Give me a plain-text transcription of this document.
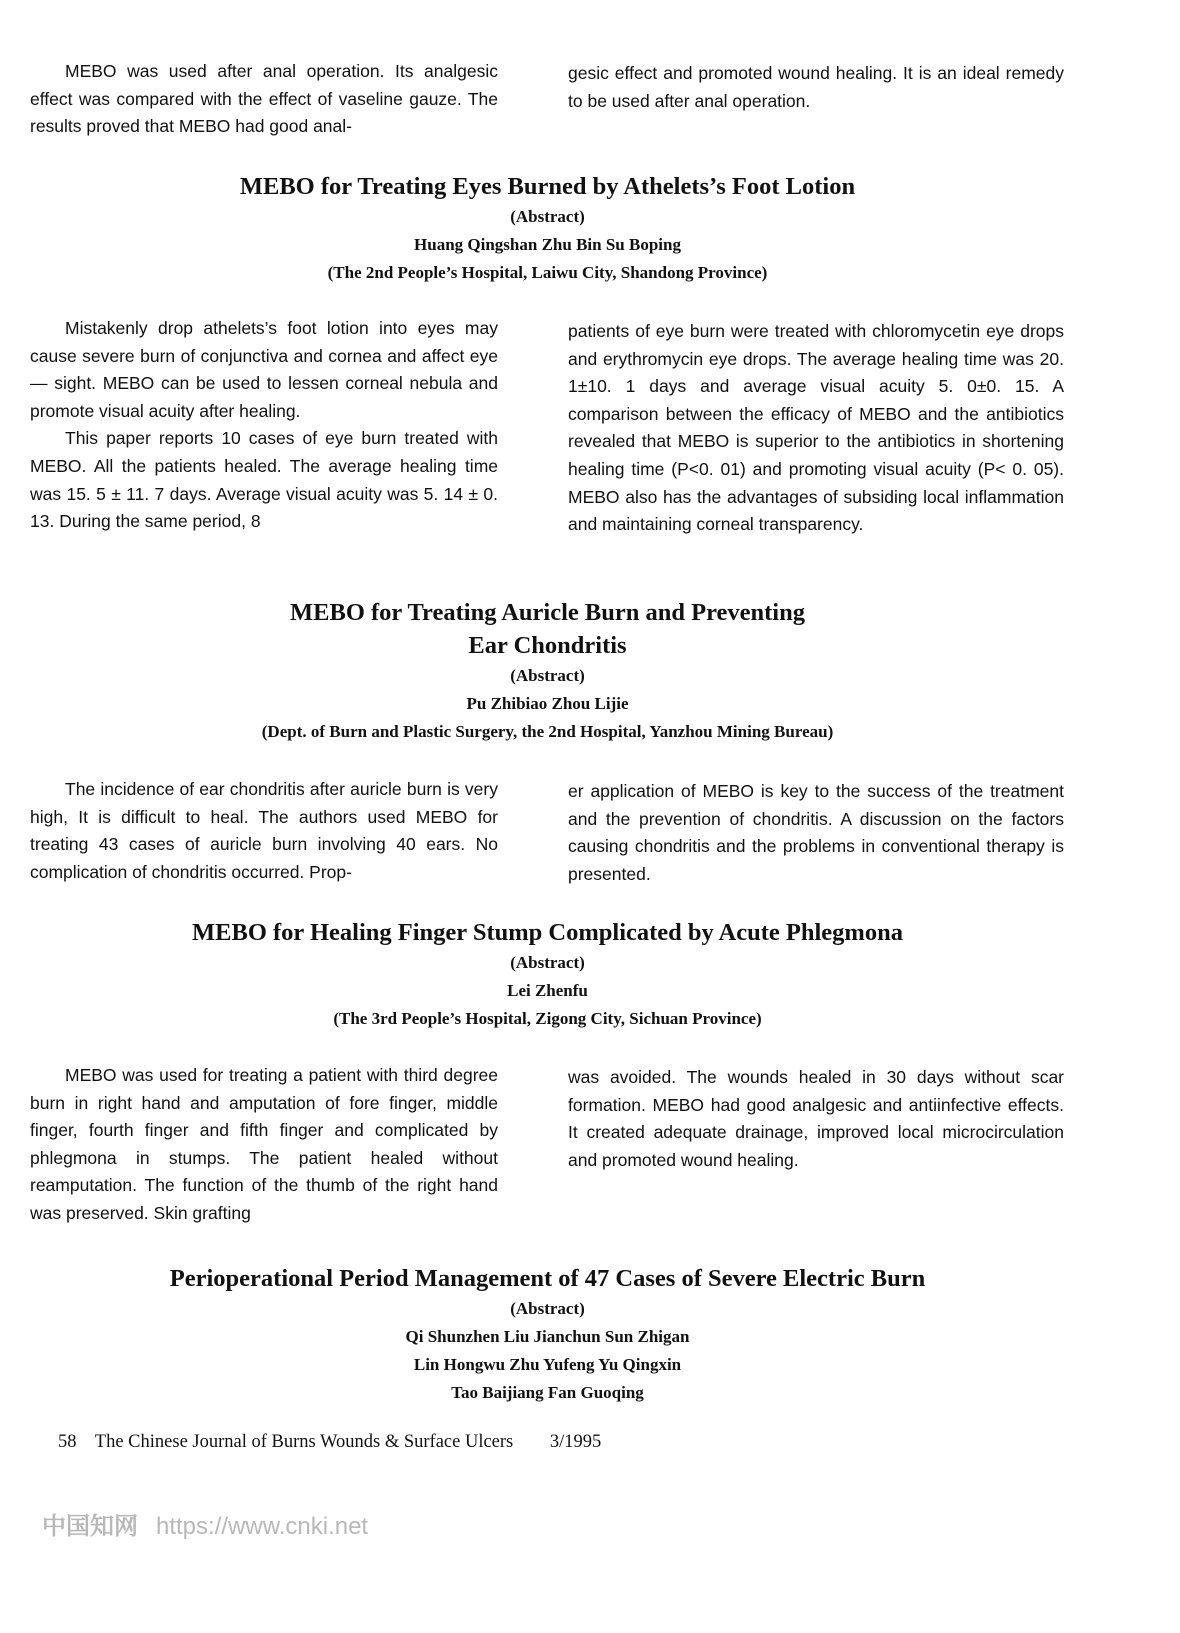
MEBO was used after anal operation. Its analgesic effect was compared with the effect of vaseline gauze. The results proved that MEBO had good anal-

gesic effect and promoted wound healing. It is an ideal remedy to be used after anal operation.

MEBO for Treating Eyes Burned by Athelets’s Foot Lotion
(Abstract)
Huang Qingshan Zhu Bin Su Boping
(The 2nd People’s Hospital, Laiwu City, Shandong Province)

Mistakenly drop athelets’s foot lotion into eyes may cause severe burn of conjunctiva and cornea and affect eye — sight. MEBO can be used to lessen corneal nebula and promote visual acuity after healing.

This paper reports 10 cases of eye burn treated with MEBO. All the patients healed. The average healing time was 15. 5 ± 11. 7 days. Average visual acuity was 5. 14 ± 0. 13. During the same period, 8

patients of eye burn were treated with chloromycetin eye drops and erythromycin eye drops. The average healing time was 20. 1±10. 1 days and average visual acuity 5. 0±0. 15. A comparison between the efficacy of MEBO and the antibiotics revealed that MEBO is superior to the antibiotics in shortening healing time (P<0. 01) and promoting visual acuity (P< 0. 05). MEBO also has the advantages of subsiding local inflammation and maintaining corneal transparency.

MEBO for Treating Auricle Burn and Preventing
Ear Chondritis
(Abstract)
Pu Zhibiao Zhou Lijie
(Dept. of Burn and Plastic Surgery, the 2nd Hospital, Yanzhou Mining Bureau)

The incidence of ear chondritis after auricle burn is very high, It is difficult to heal. The authors used MEBO for treating 43 cases of auricle burn involving 40 ears. No complication of chondritis occurred. Prop-

er application of MEBO is key to the success of the treatment and the prevention of chondritis. A discussion on the factors causing chondritis and the problems in conventional therapy is presented.

MEBO for Healing Finger Stump Complicated by Acute Phlegmona
(Abstract)
Lei Zhenfu
(The 3rd People’s Hospital, Zigong City, Sichuan Province)

MEBO was used for treating a patient with third degree burn in right hand and amputation of fore finger, middle finger, fourth finger and fifth finger and complicated by phlegmona in stumps. The patient healed without reamputation. The function of the thumb of the right hand was preserved. Skin grafting

was avoided. The wounds healed in 30 days without scar formation. MEBO had good analgesic and antiinfective effects. It created adequate drainage, improved local microcirculation and promoted wound healing.

Perioperational Period Management of 47 Cases of Severe Electric Burn
(Abstract)
Qi Shunzhen Liu Jianchun Sun Zhigan
Lin Hongwu Zhu Yufeng Yu Qingxin
Tao Baijiang Fan Guoqing
58 The Chinese Journal of Burns Wounds & Surface Ulcers 3/1995
中国知网 https://www.cnki.net
